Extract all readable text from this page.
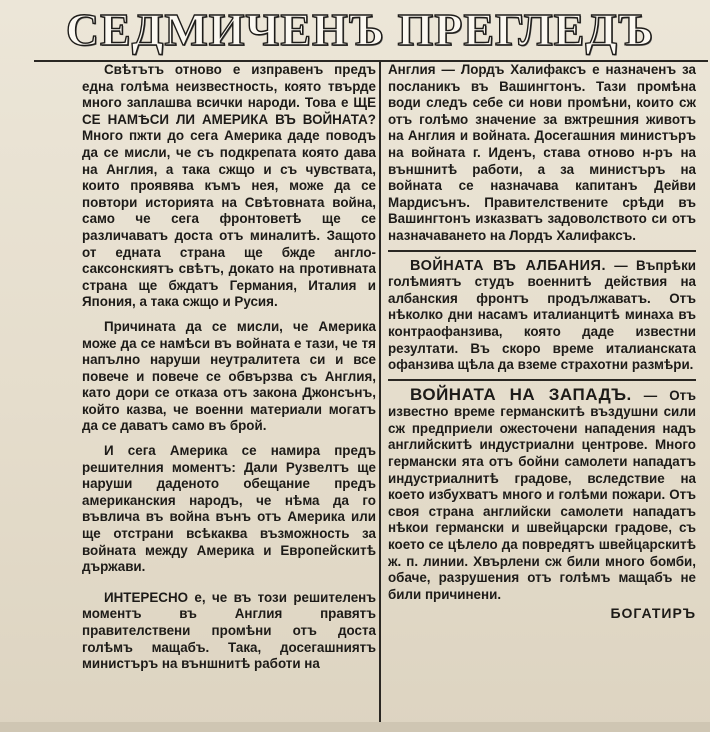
СЕДМИЧЕНЪ ПРЕГЛЕДЪ

Свѣтътъ отново е изправенъ предъ една голѣма неизвестность, която твърде много заплашва всички народи. Това е ЩЕ СЕ НАМѢСИ ЛИ АМЕРИКА ВЪ ВОЙНАТА? Много пжти до сега Америка даде поводъ да се мисли, че съ подкрепата която дава на Англия, а така сжщо и съ чувствата, които проявява къмъ нея, може да се повтори историята на Свѣтовната война, само че сега фронтоветѣ ще се различаватъ доста отъ миналитѣ. Защото от едната страна ще бждe англо-саксонскиятъ свѣтъ, докато на противната страна ще бждатъ Германия, Италия и Япония, а така сжщо и Русия.

Причината да се мисли, че Америка може да се намѣси въ войната е тази, че тя напълно наруши неутралитета си и все повече и повече се обвързва съ Англия, като дори се отказа отъ закона Джонсънъ, който казва, че военни материали могатъ да се даватъ само въ брой.

И сега Америка се намира предъ решителния моментъ: Дали Рузвелтъ ще наруши даденото обещание предъ американския народъ, че нѣма да го въвлича въ война вънъ отъ Америка или ще отстрани всѣкаква възможность за войната между Америка и Европейскитѣ държави.

ИНТЕРЕСНО е, че въ този решителенъ моментъ въ Англия правятъ правителствени промѣни отъ доста голѣмъ мащабъ. Така, досегашниятъ министъръ на външнитѣ работи на

Англия — Лордъ Халифаксъ е назначенъ за посланикъ въ Вашингтонъ. Тази промѣна води следъ себе си нови промѣни, които сж отъ голѣмо значение за вжтрешния животъ на Англия и войната. Досегашния министъръ на войната г. Иденъ, става отново н-ръ на външнитѣ работи, а за министъръ на войната се назначава капитанъ Дейви Мардисънъ. Правителствените срѣди въ Вашингтонъ изказватъ задоволството си отъ назначаването на Лордъ Халифаксъ.

ВОЙНАТА ВЪ АЛБАНИЯ. — Въпрѣки голѣмиятъ студъ военнитѣ действия на албанския фронтъ продължаватъ. Отъ нѣколко дни насамъ италианцитѣ минаха въ контраофанзива, която даде известни резултати. Въ скоро време италианската офанзива щѣла да вземе страхотни размѣри.

ВОЙНАТА НА ЗАПАДЪ. — Отъ известно време германскитѣ въздушни сили сж предприели ожесточени нападения надъ английскитѣ индустриални центрове. Много германски ята отъ бойни самолети нападатъ индустриалнитѣ градове, вследствие на което избухватъ много и голѣми пожари. Отъ своя страна английски самолети нападатъ нѣкои германски и швейцарски градове, съ което се цѣлело да повредятъ швейцарскитѣ ж. п. линии. Хвърлени сж били много бомби, обаче, разрушения отъ голѣмъ мащабъ не били причинени.

БОГАТИРЪ
